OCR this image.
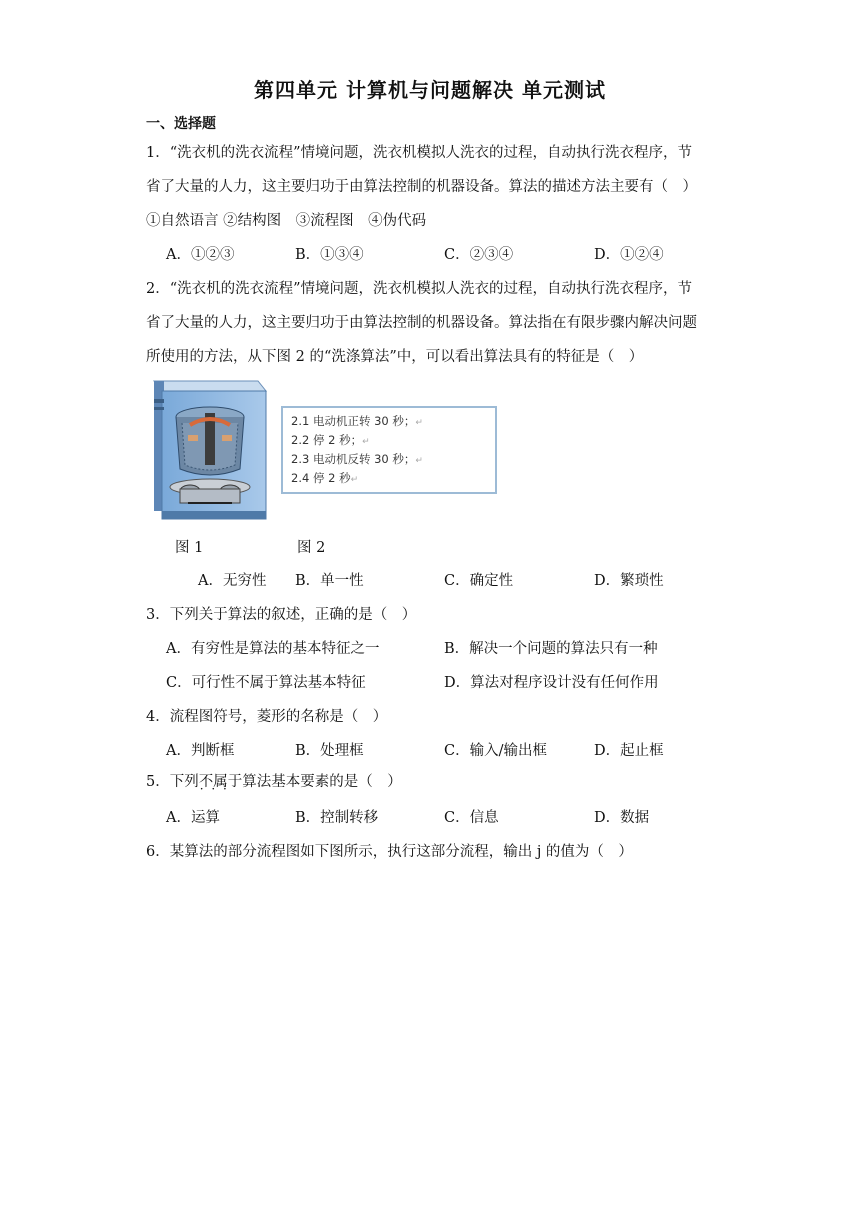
第四单元 计算机与问题解决 单元测试
一、选择题
1．“洗衣机的洗衣流程”情境问题，洗衣机模拟人洗衣的过程，自动执行洗衣程序，节
省了大量的人力，这主要归功于由算法控制的机器设备。算法的描述方法主要有（　）
①自然语言 ②结构图　③流程图　④伪代码
A．①②③	B．①③④	C．②③④	D．①②④
2．“洗衣机的洗衣流程”情境问题，洗衣机模拟人洗衣的过程，自动执行洗衣程序，节
省了大量的人力，这主要归功于由算法控制的机器设备。算法指在有限步骤内解决问题
所使用的方法，从下图 2 的“洗涤算法”中，可以看出算法具有的特征是（　）
2.1 电动机正转 30 秒；↵
2.2 停 2 秒；↵
2.3 电动机反转 30 秒；↵
2.4 停 2 秒↵
图 1	图 2
A．无穷性 B．单一性	C．确定性	D．繁琐性
3．下列关于算法的叙述，正确的是（　）
A．有穷性是算法的基本特征之一	B．解决一个问题的算法只有一种
C．可行性不属于算法基本特征	D．算法对程序设计没有任何作用
4．流程图符号，菱形的名称是（　）
A．判断框	B．处理框	C．输入/输出框	D．起止框
5．下列不属于 · · ·算法基本要素的是（　）
A．运算	B．控制转移	C．信息	D．数据
6．某算法的部分流程图如下图所示，执行这部分流程，输出 j 的值为（　）
